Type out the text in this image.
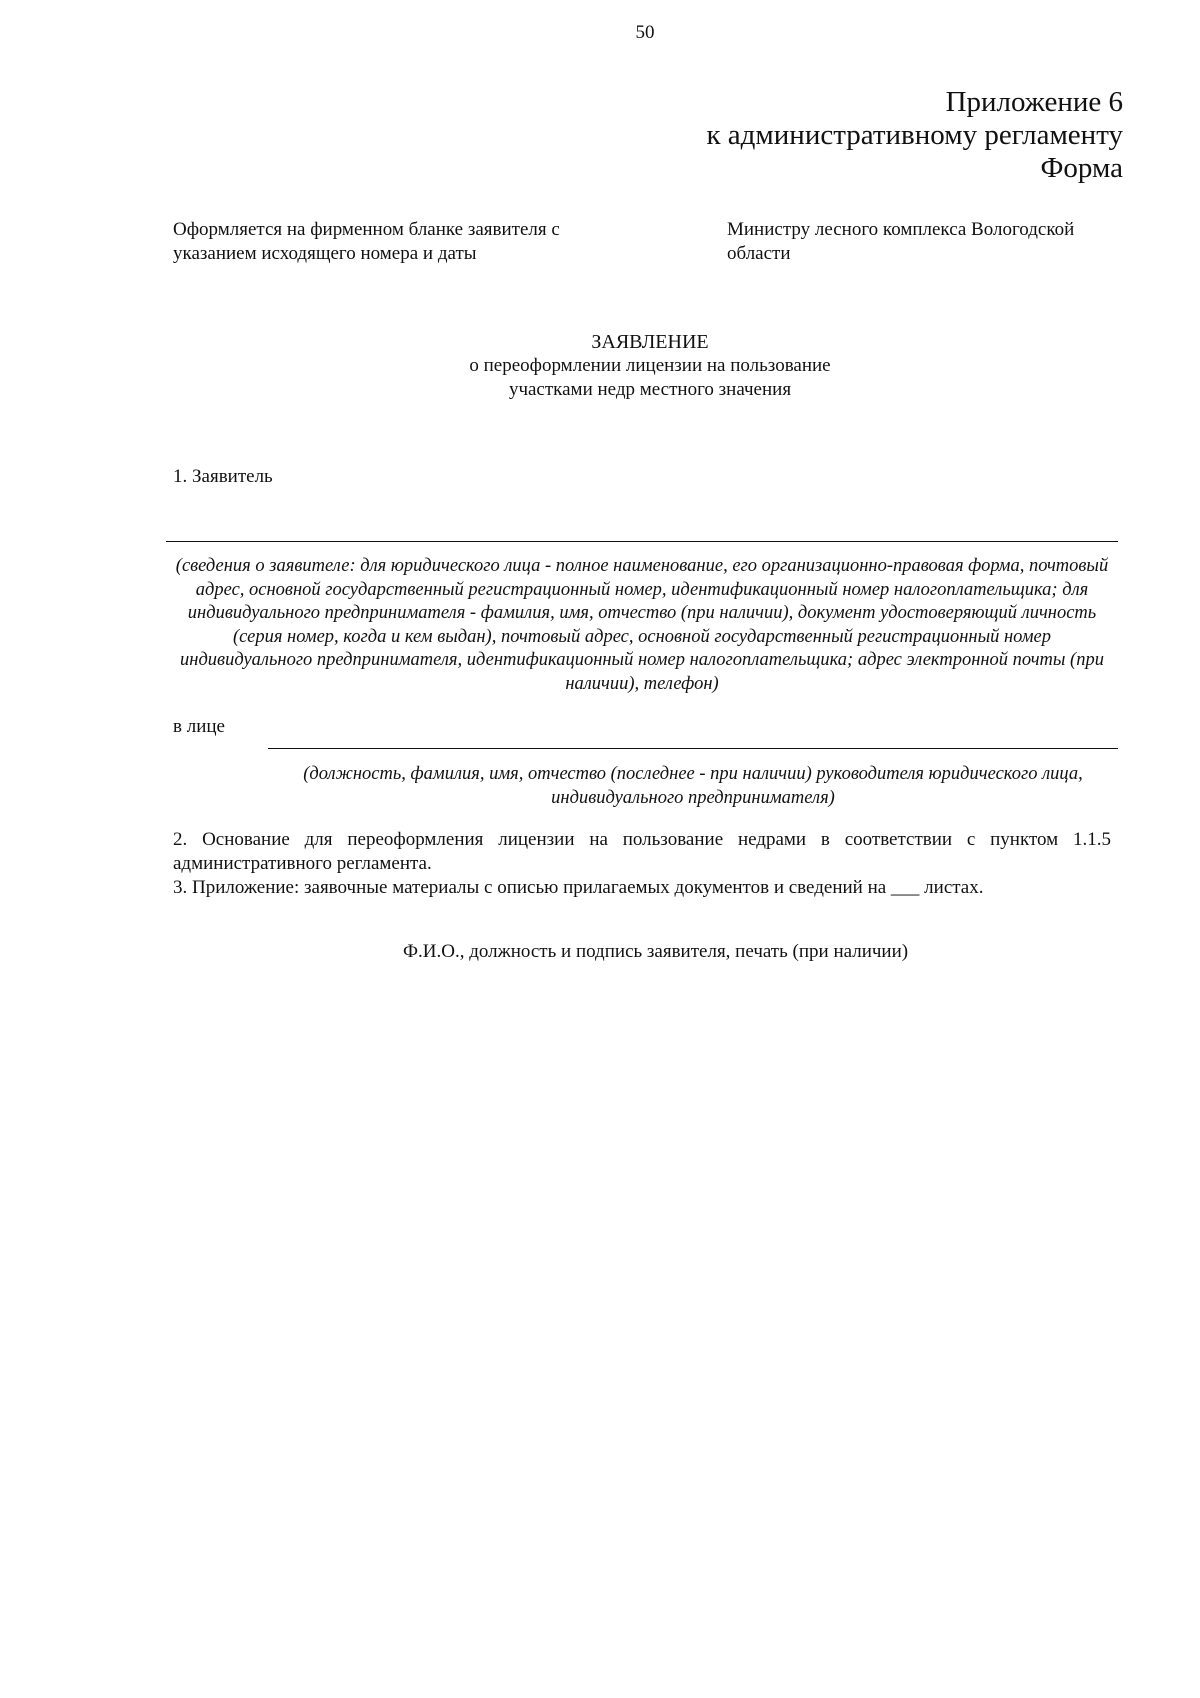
50
Приложение 6
к административному регламенту
Форма
Оформляется на фирменном бланке заявителя с указанием исходящего номера и даты
Министру лесного комплекса Вологодской области
ЗАЯВЛЕНИЕ
о переоформлении лицензии на пользование
участками недр местного значения
1. Заявитель
(сведения о заявителе: для юридического лица - полное наименование, его организационно-правовая форма, почтовый адрес, основной государственный регистрационный номер, идентификационный номер налогоплательщика; для индивидуального предпринимателя - фамилия, имя, отчество (при наличии), документ удостоверяющий личность (серия номер, когда и кем выдан), почтовый адрес, основной государственный регистрационный номер индивидуального предпринимателя, идентификационный номер налогоплательщика; адрес электронной почты (при наличии), телефон)
в лице
(должность, фамилия, имя, отчество (последнее - при наличии) руководителя юридического лица, индивидуального предпринимателя)

2. Основание для переоформления лицензии на пользование недрами в соответствии с пунктом 1.1.5 административного регламента.

3. Приложение: заявочные материалы с описью прилагаемых документов и сведений на ___ листах.

Ф.И.О., должность и подпись заявителя, печать (при наличии)
